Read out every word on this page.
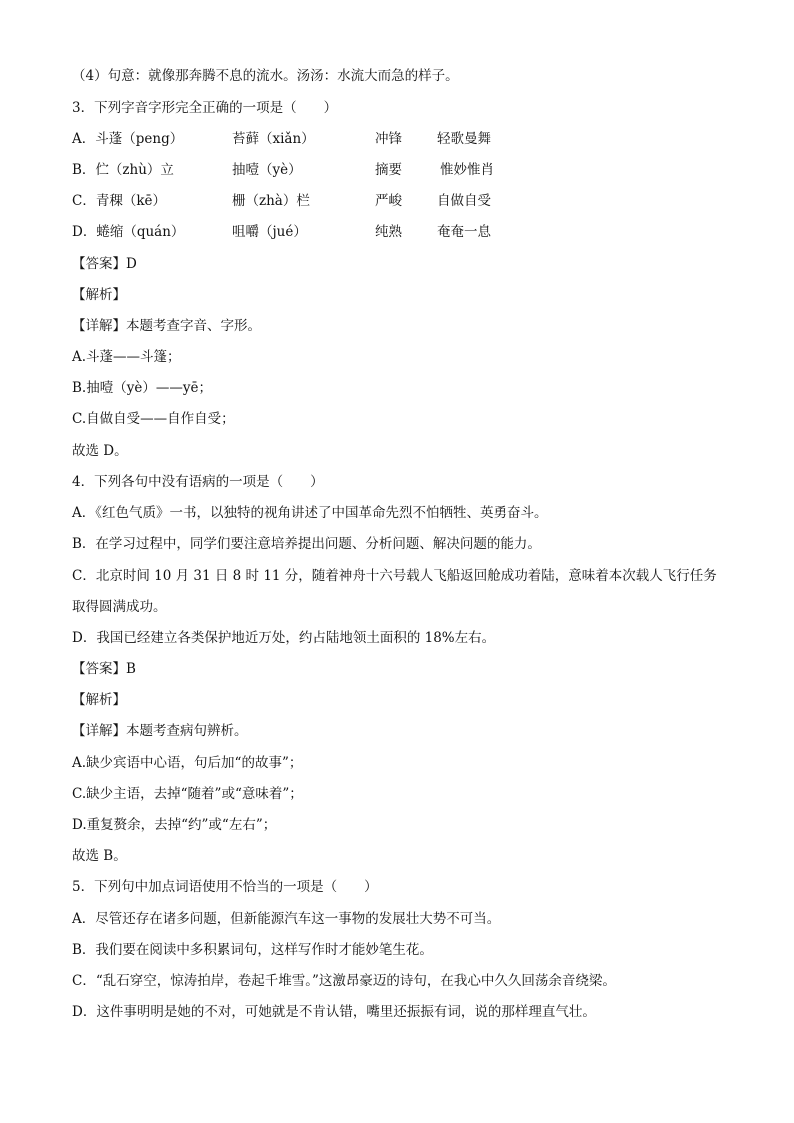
（4）句意：就像那奔腾不息的流水。汤汤：水流大而急的样子。
3．下列字音字形完全正确的一项是（　　）
A．斗蓬（peng）	苔藓（xiǎn）	冲锋	轻歌曼舞
B．伫（zhù）立	抽噎（yè）	摘要	惟妙惟肖
C．青稞（kē）	栅（zhà）栏	严峻	自做自受
D．蜷缩（quán）	咀嚼（jué）	纯熟	奄奄一息
【答案】D
【解析】
【详解】本题考查字音、字形。
A.斗蓬——斗篷；
B.抽噎（yè）——yē；
C.自做自受——自作自受；
故选 D。
4．下列各句中没有语病的一项是（　　）
A．《红色气质》一书，以独特的视角讲述了中国革命先烈不怕牺牲、英勇奋斗。
B．在学习过程中，同学们要注意培养提出问题、分析问题、解决问题的能力。
C．北京时间 10 月 31 日 8 时 11 分，随着神舟十六号载人飞船返回舱成功着陆，意味着本次载人飞行任务
取得圆满成功。
D．我国已经建立各类保护地近万处，约占陆地领土面积的 18%左右。
【答案】B
【解析】
【详解】本题考查病句辨析。
A.缺少宾语中心语，句后加“的故事”；
C.缺少主语，去掉“随着”或“意味着”；
D.重复赘余，去掉“约”或“左右”；
故选 B。
5．下列句中加点词语使用不恰当的一项是（　　）
A．尽管还存在诸多问题，但新能源汽车这一事物的发展壮大势不可当。
B．我们要在阅读中多积累词句，这样写作时才能妙笔生花。
C．“乱石穿空，惊涛拍岸，卷起千堆雪。”这激昂豪迈的诗句，在我心中久久回荡余音绕梁。
D．这件事明明是她的不对，可她就是不肯认错，嘴里还振振有词，说的那样理直气壮。
